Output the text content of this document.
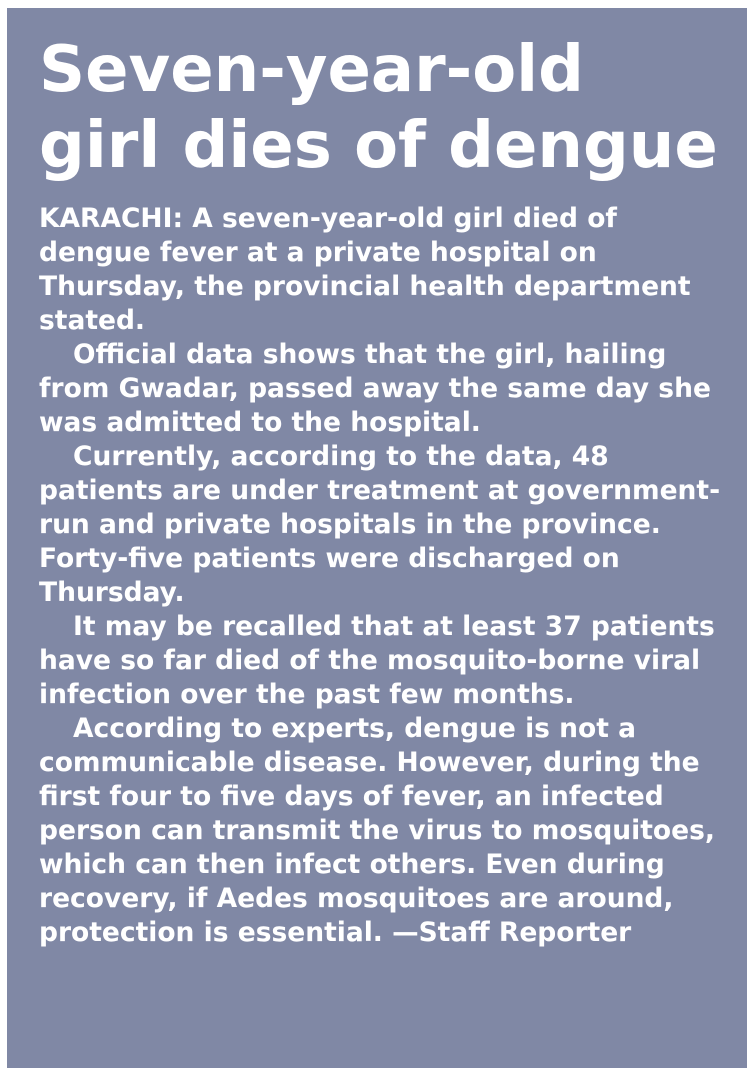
Seven-year-old girl dies of dengue

KARACHI: A seven-year-old girl died of dengue fever at a private hospital on Thursday, the provincial health department stated.

Official data shows that the girl, hailing from Gwadar, passed away the same day she was admitted to the hospital.

Currently, according to the data, 48 patients are under treatment at government-run and private hospitals in the province. Forty-five patients were discharged on Thursday.

It may be recalled that at least 37 patients have so far died of the mosquito-borne viral infection over the past few months.

According to experts, dengue is not a communicable disease. However, during the first four to five days of fever, an infected person can transmit the virus to mosquitoes, which can then infect others. Even during recovery, if Aedes mosquitoes are around, protection is essential. —Staff Reporter
